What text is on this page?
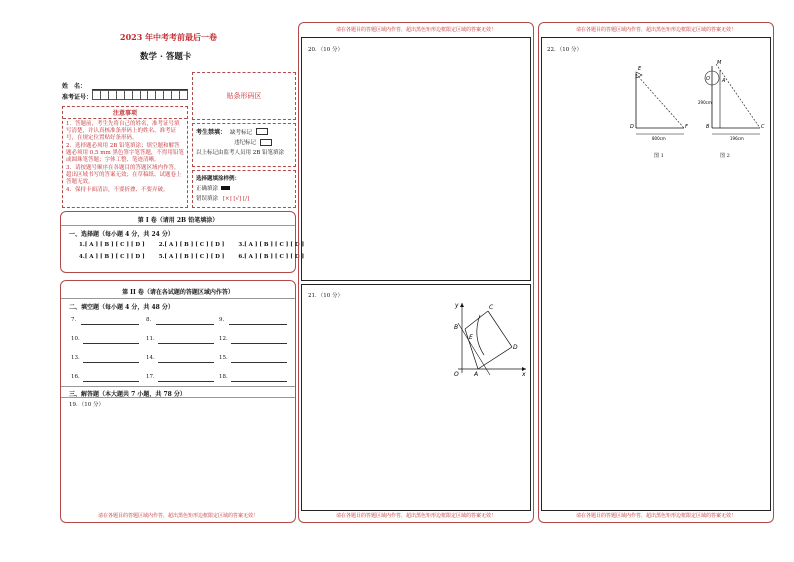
2023 年中考考前最后一卷
数学 · 答题卡
姓　名：
准考证号：
注意事项
1．答题前，考生先将自己的姓名，准考证号填写清楚，并认真核准条形码上的姓名、准考证号，在规定位置贴好条形码。
2．选择题必须用 2B 铅笔填涂；填空题和解答题必须用 0.5 mm 黑色签字笔答题，不得用铅笔或圆珠笔答题；字体工整、笔迹清晰。
3．请按题号顺序在各题目的答题区域内作答，超出区域书写的答案无效；在草稿纸、试题卷上答题无效。
4．保持卡面清洁，不要折叠、不要弄破。
贴条形码区
考生禁填： 缺考标记
违纪标记
以上标记由监考人员用 2B 铅笔填涂
选择题填涂样例：
正确填涂
错误填涂 [×] [√] [/]
第 I 卷（请用 2B 铅笔填涂）
一、选择题（每小题 4 分，共 24 分）
1.[ A ] [ B ] [ C ] [ D ]	2.[ A ] [ B ] [ C ] [ D ]	3.[ A ] [ B ] [ C ] [ D ]
4.[ A ] [ B ] [ C ] [ D ]	5.[ A ] [ B ] [ C ] [ D ]	6.[ A ] [ B ] [ C ] [ D ]
第 II 卷（请在各试题的答题区域内作答）
二、填空题（每小题 4 分，共 48 分）
7.	8.	9.
10.	11.	12.
13.	14.	15.
16.	17.	18.
三、解答题（本大题共 7 小题，共 78 分）
19．（10 分）
请在各题目的答题区域内作答，超出黑色矩形边框限定区域的答案无效！
请在各题目的答题区域内作答，超出黑色矩形边框限定区域的答案无效！
20．（10 分）
21．（10 分）
y	C
B
E
D
O	A	x
请在各题目的答题区域内作答，超出黑色矩形边框限定区域的答案无效！
请在各题目的答题区域内作答，超出黑色矩形边框限定区域的答案无效！
22．（10 分）
E
D	F
800cm
图 1
M
O A
290cm
B	C
196cm
图 2
请在各题目的答题区域内作答，超出黑色矩形边框限定区域的答案无效！
